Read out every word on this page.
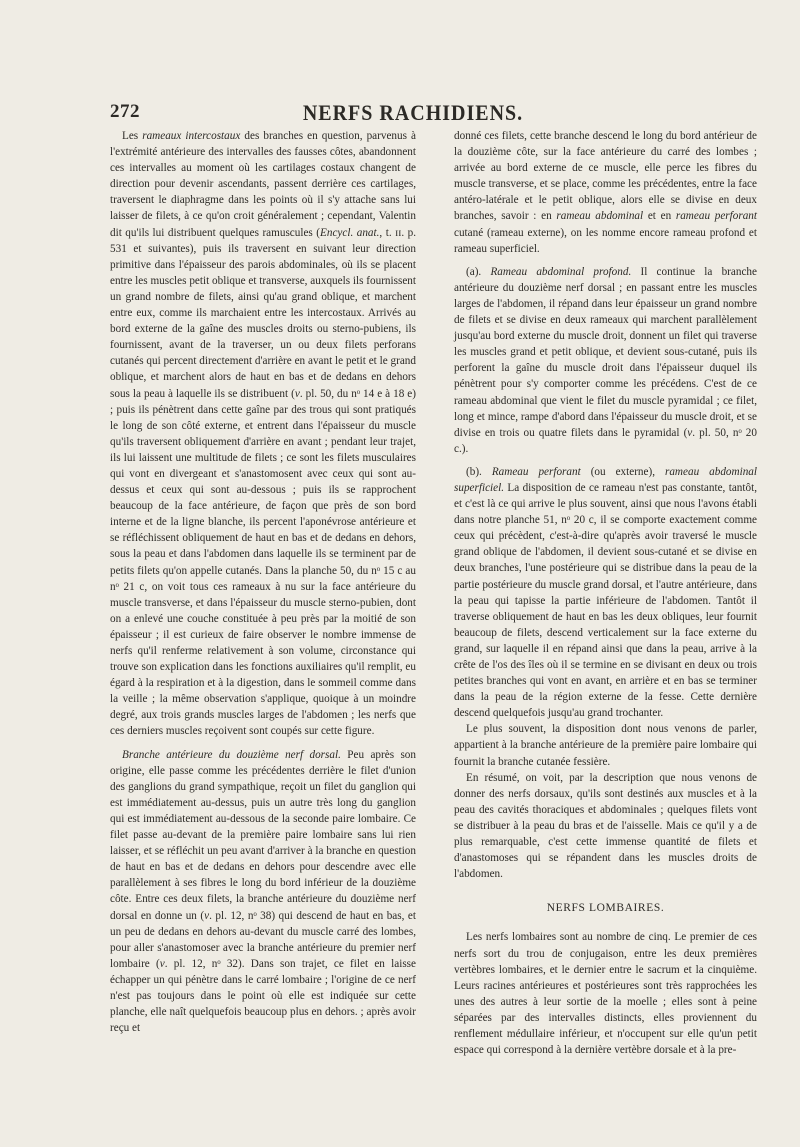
272	NERFS RACHIDIENS.

Les rameaux intercostaux des branches en question, parvenus à l'extrémité antérieure des intervalles des fausses côtes, abandonnent ces intervalles au moment où les cartilages costaux changent de direction pour devenir ascendants, passent derrière ces cartilages, traversent le diaphragme dans les points où il s'y attache sans lui laisser de filets, à ce qu'on croit généralement ; cependant, Valentin dit qu'ils lui distribuent quelques ramuscules (Encycl. anat., t. ɪɪ. p. 531 et suivantes), puis ils traversent en suivant leur direction primitive dans l'épaisseur des parois abdominales, où ils se placent entre les muscles petit oblique et transverse, auxquels ils fournissent un grand nombre de filets, ainsi qu'au grand oblique, et marchent entre eux, comme ils marchaient entre les intercostaux. Arrivés au bord externe de la gaîne des muscles droits ou sterno-pubiens, ils fournissent, avant de la traverser, un ou deux filets perforans cutanés qui percent directement d'arrière en avant le petit et le grand oblique, et marchent alors de haut en bas et de dedans en dehors sous la peau à laquelle ils se distribuent (v. pl. 50, du nᵒ 14 e à 18 e) ; puis ils pénètrent dans cette gaîne par des trous qui sont pratiqués le long de son côté externe, et entrent dans l'épaisseur du muscle qu'ils traversent obliquement d'arrière en avant ; pendant leur trajet, ils lui laissent une multitude de filets ; ce sont les filets musculaires qui vont en divergeant et s'anastomosent avec ceux qui sont au-dessus et ceux qui sont au-dessous ; puis ils se rapprochent beaucoup de la face antérieure, de façon que près de son bord interne et de la ligne blanche, ils percent l'aponévrose antérieure et se réfléchissent obliquement de haut en bas et de dedans en dehors, sous la peau et dans l'abdomen dans laquelle ils se terminent par de petits filets qu'on appelle cutanés. Dans la planche 50, du nᵒ 15 c au nᵒ 21 c, on voit tous ces rameaux à nu sur la face antérieure du muscle transverse, et dans l'épaisseur du muscle sterno-pubien, dont on a enlevé une couche constituée à peu près par la moitié de son épaisseur ; il est curieux de faire observer le nombre immense de nerfs qu'il renferme relativement à son volume, circonstance qui trouve son explication dans les fonctions auxiliaires qu'il remplit, eu égard à la respiration et à la digestion, dans le sommeil comme dans la veille ; la même observation s'applique, quoique à un moindre degré, aux trois grands muscles larges de l'abdomen ; les nerfs que ces derniers muscles reçoivent sont coupés sur cette figure.

Branche antérieure du douzième nerf dorsal. Peu après son origine, elle passe comme les précédentes derrière le filet d'union des ganglions du grand sympathique, reçoit un filet du ganglion qui est immédiatement au-dessus, puis un autre très long du ganglion qui est immédiatement au-dessous de la seconde paire lombaire. Ce filet passe au-devant de la première paire lombaire sans lui rien laisser, et se réfléchit un peu avant d'arriver à la branche en question de haut en bas et de dedans en dehors pour descendre avec elle parallèlement à ses fibres le long du bord inférieur de la douzième côte. Entre ces deux filets, la branche antérieure du douzième nerf dorsal en donne un (v. pl. 12, nᵒ 38) qui descend de haut en bas, et un peu de dedans en dehors au-devant du muscle carré des lombes, pour aller s'anastomoser avec la branche antérieure du premier nerf lombaire (v. pl. 12, nᵒ 32). Dans son trajet, ce filet en laisse échapper un qui pénètre dans le carré lombaire ; l'origine de ce nerf n'est pas toujours dans le point où elle est indiquée sur cette planche, elle naît quelquefois beaucoup plus en dehors. ; après avoir reçu et

donné ces filets, cette branche descend le long du bord antérieur de la douzième côte, sur la face antérieure du carré des lombes ; arrivée au bord externe de ce muscle, elle perce les fibres du muscle transverse, et se place, comme les précédentes, entre la face antéro-latérale et le petit oblique, alors elle se divise en deux branches, savoir : en rameau abdominal et en rameau perforant cutané (rameau externe), on les nomme encore rameau profond et rameau superficiel.

(a). Rameau abdominal profond. Il continue la branche antérieure du douzième nerf dorsal ; en passant entre les muscles larges de l'abdomen, il répand dans leur épaisseur un grand nombre de filets et se divise en deux rameaux qui marchent parallèlement jusqu'au bord externe du muscle droit, donnent un filet qui traverse les muscles grand et petit oblique, et devient sous-cutané, puis ils perforent la gaîne du muscle droit dans l'épaisseur duquel ils pénètrent pour s'y comporter comme les précédens. C'est de ce rameau abdominal que vient le filet du muscle pyramidal ; ce filet, long et mince, rampe d'abord dans l'épaisseur du muscle droit, et se divise en trois ou quatre filets dans le pyramidal (v. pl. 50, nᵒ 20 c.).

(b). Rameau perforant (ou externe), rameau abdominal superficiel. La disposition de ce rameau n'est pas constante, tantôt, et c'est là ce qui arrive le plus souvent, ainsi que nous l'avons établi dans notre planche 51, nᵒ 20 c, il se comporte exactement comme ceux qui précèdent, c'est-à-dire qu'après avoir traversé le muscle grand oblique de l'abdomen, il devient sous-cutané et se divise en deux branches, l'une postérieure qui se distribue dans la peau de la partie postérieure du muscle grand dorsal, et l'autre antérieure, dans la peau qui tapisse la partie inférieure de l'abdomen. Tantôt il traverse obliquement de haut en bas les deux obliques, leur fournit beaucoup de filets, descend verticalement sur la face externe du grand, sur laquelle il en répand ainsi que dans la peau, arrive à la crête de l'os des îles où il se termine en se divisant en deux ou trois petites branches qui vont en avant, en arrière et en bas se terminer dans la peau de la région externe de la fesse. Cette dernière descend quelquefois jusqu'au grand trochanter.

Le plus souvent, la disposition dont nous venons de parler, appartient à la branche antérieure de la première paire lombaire qui fournit la branche cutanée fessière.

En résumé, on voit, par la description que nous venons de donner des nerfs dorsaux, qu'ils sont destinés aux muscles et à la peau des cavités thoraciques et abdominales ; quelques filets vont se distribuer à la peau du bras et de l'aisselle. Mais ce qu'il y a de plus remarquable, c'est cette immense quantité de filets et d'anastomoses qui se répandent dans les muscles droits de l'abdomen.

NERFS LOMBAIRES.

Les nerfs lombaires sont au nombre de cinq. Le premier de ces nerfs sort du trou de conjugaison, entre les deux premières vertèbres lombaires, et le dernier entre le sacrum et la cinquième. Leurs racines antérieures et postérieures sont très rapprochées les unes des autres à leur sortie de la moelle ; elles sont à peine séparées par des intervalles distincts, elles proviennent du renflement médullaire inférieur, et n'occupent sur elle qu'un petit espace qui correspond à la dernière vertèbre dorsale et à la pre-
